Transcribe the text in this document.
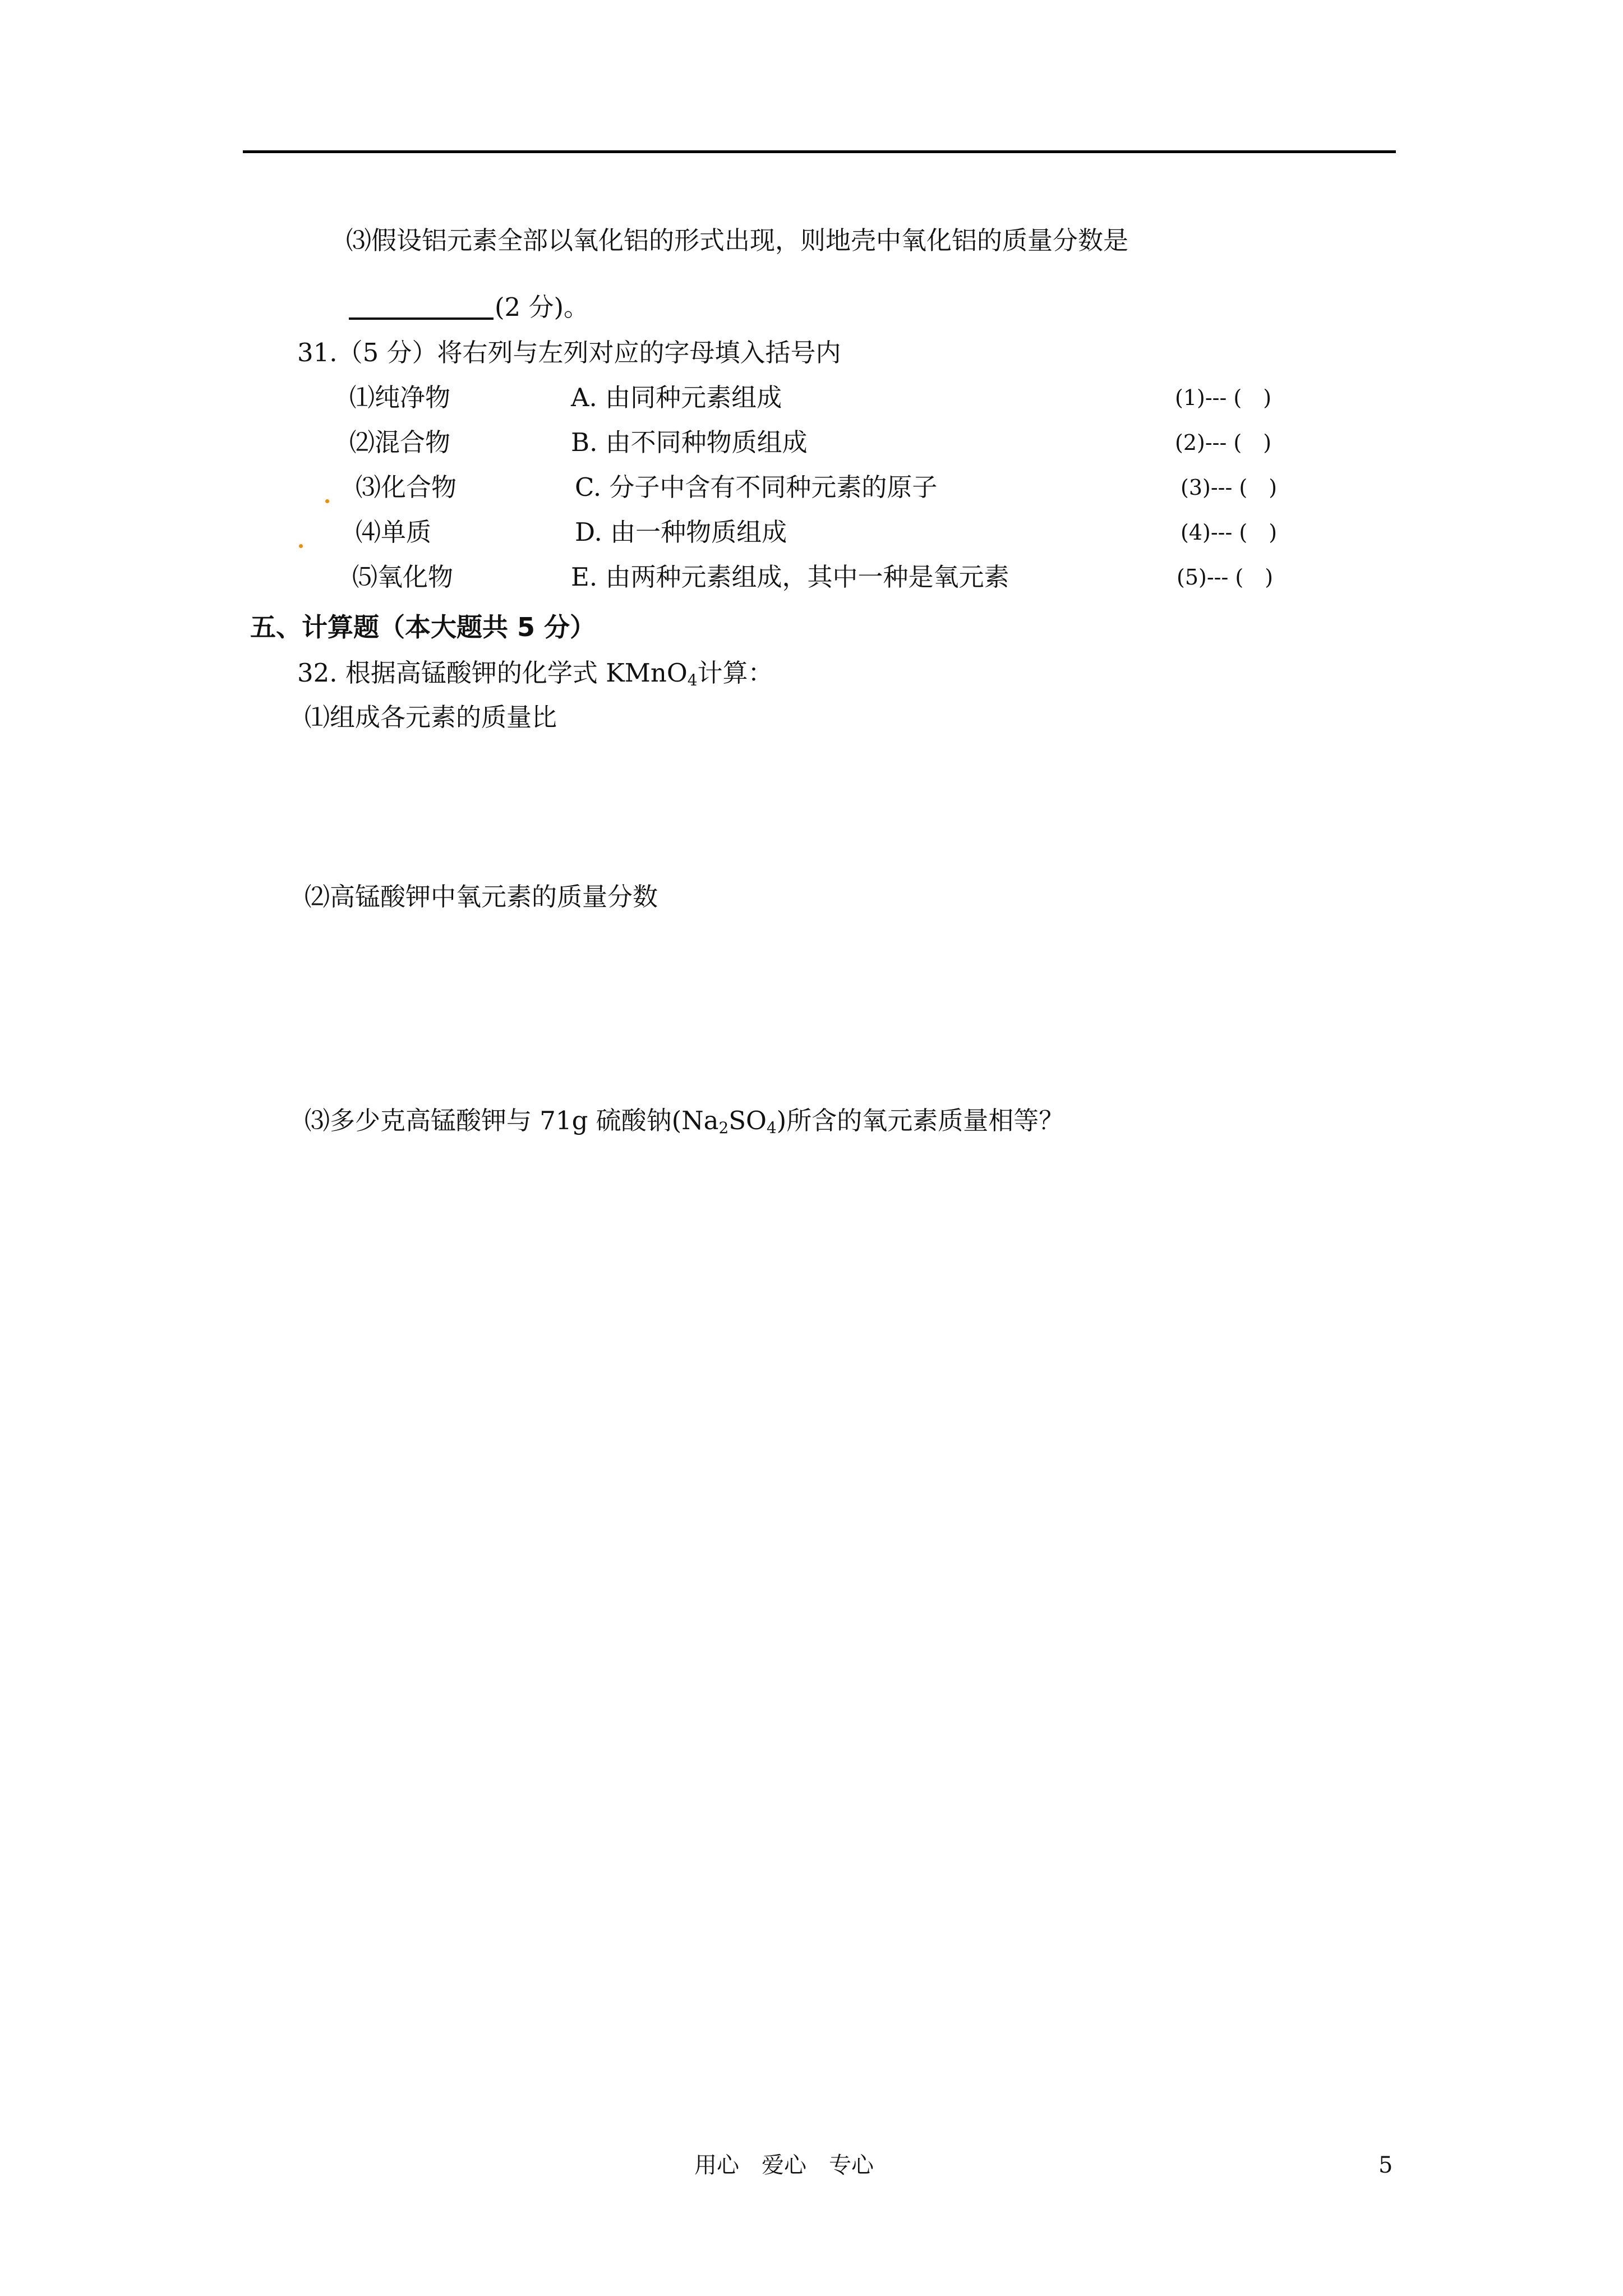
⑶假设铝元素全部以氧化铝的形式出现，则地壳中氧化铝的质量分数是
(2 分)。
31.（5 分）将右列与左列对应的字母填入括号内
⑴纯净物	A. 由同种元素组成	(1)--- (　)
⑵混合物	B. 由不同种物质组成	(2)--- (　)
⑶化合物	C. 分子中含有不同种元素的原子	(3)--- (　)
⑷单质	D. 由一种物质组成	(4)--- (　)
⑸氧化物	E. 由两种元素组成，其中一种是氧元素	(5)--- (　)
五、计算题（本大题共 5 分）
32. 根据高锰酸钾的化学式 KMnO$_4$计算：
⑴组成各元素的质量比
⑵高锰酸钾中氧元素的质量分数
⑶多少克高锰酸钾与 71g 硫酸钠$(Na_2SO_4)$所含的氧元素质量相等？
用心　爱心　专心	5
